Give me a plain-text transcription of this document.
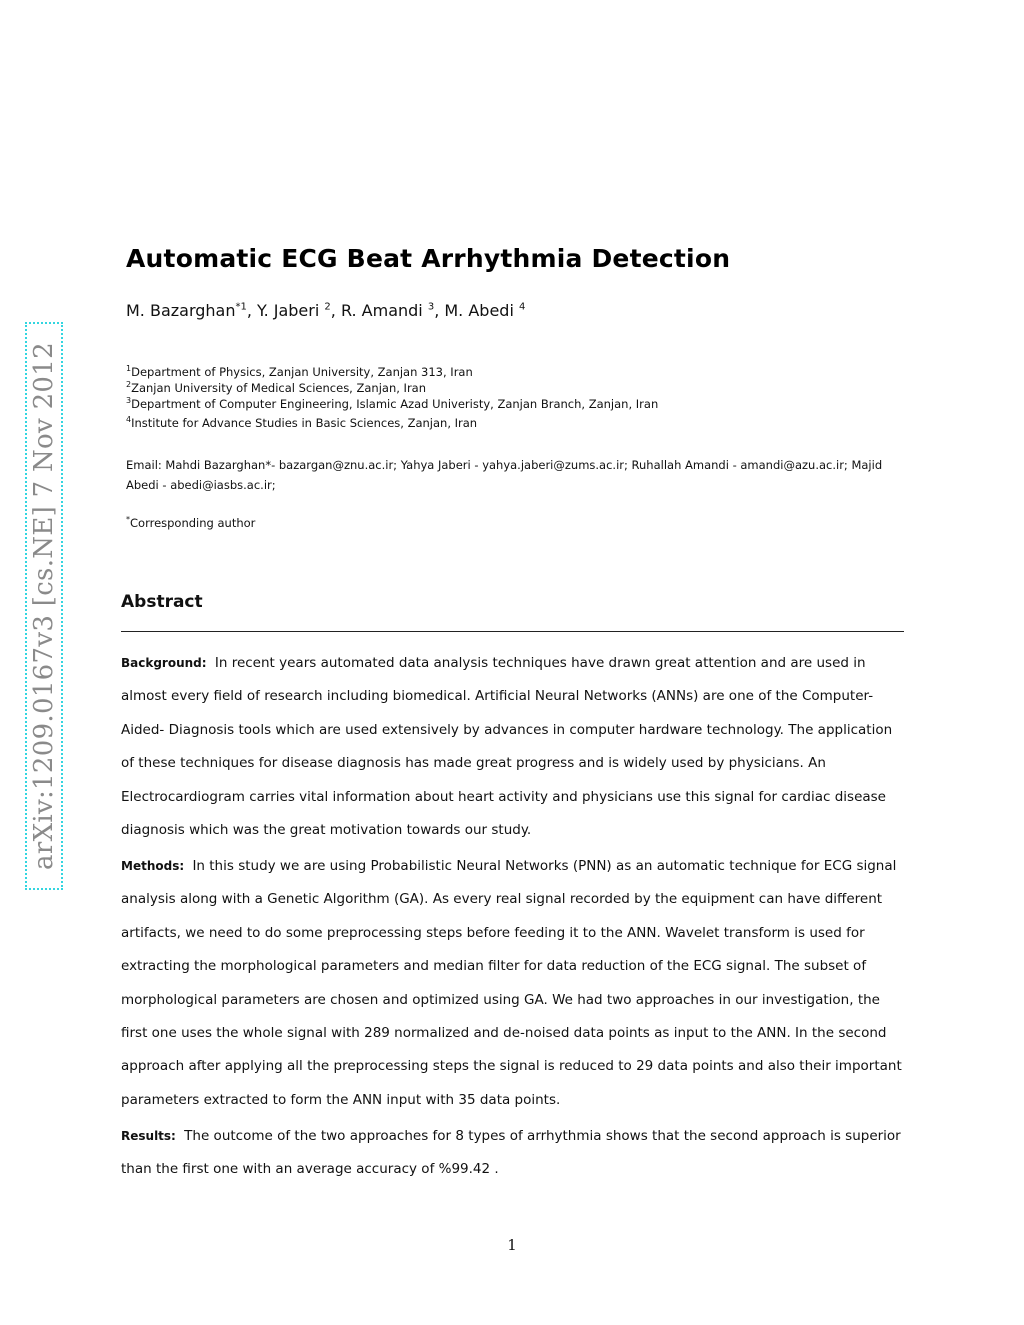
arXiv:1209.0167v3 [cs.NE] 7 Nov 2012
Automatic ECG Beat Arrhythmia Detection
M. Bazarghan$^{*1}$, Y. Jaberi $^2$, R. Amandi $^3$, M. Abedi $^4$
$^1$Department of Physics, Zanjan University, Zanjan 313, Iran
$^2$Zanjan University of Medical Sciences, Zanjan, Iran
$^3$Department of Computer Engineering, Islamic Azad Univeristy, Zanjan Branch, Zanjan, Iran
$^4$Institute for Advance Studies in Basic Sciences, Zanjan, Iran
Email: Mahdi Bazarghan*- bazargan@znu.ac.ir; Yahya Jaberi - yahya.jaberi@zums.ac.ir; Ruhallah Amandi - amandi@azu.ac.ir; Majid Abedi - abedi@iasbs.ac.ir;
*Corresponding author
Abstract
Background: In recent years automated data analysis techniques have drawn great attention and are used in almost every field of research including biomedical. Artificial Neural Networks (ANNs) are one of the Computer-Aided- Diagnosis tools which are used extensively by advances in computer hardware technology. The application of these techniques for disease diagnosis has made great progress and is widely used by physicians. An Electrocardiogram carries vital information about heart activity and physicians use this signal for cardiac disease diagnosis which was the great motivation towards our study.
Methods: In this study we are using Probabilistic Neural Networks (PNN) as an automatic technique for ECG signal analysis along with a Genetic Algorithm (GA). As every real signal recorded by the equipment can have different artifacts, we need to do some preprocessing steps before feeding it to the ANN. Wavelet transform is used for extracting the morphological parameters and median filter for data reduction of the ECG signal. The subset of morphological parameters are chosen and optimized using GA. We had two approaches in our investigation, the first one uses the whole signal with 289 normalized and de-noised data points as input to the ANN. In the second approach after applying all the preprocessing steps the signal is reduced to 29 data points and also their important parameters extracted to form the ANN input with 35 data points.
Results: The outcome of the two approaches for 8 types of arrhythmia shows that the second approach is superior than the first one with an average accuracy of %99.42 .
1
